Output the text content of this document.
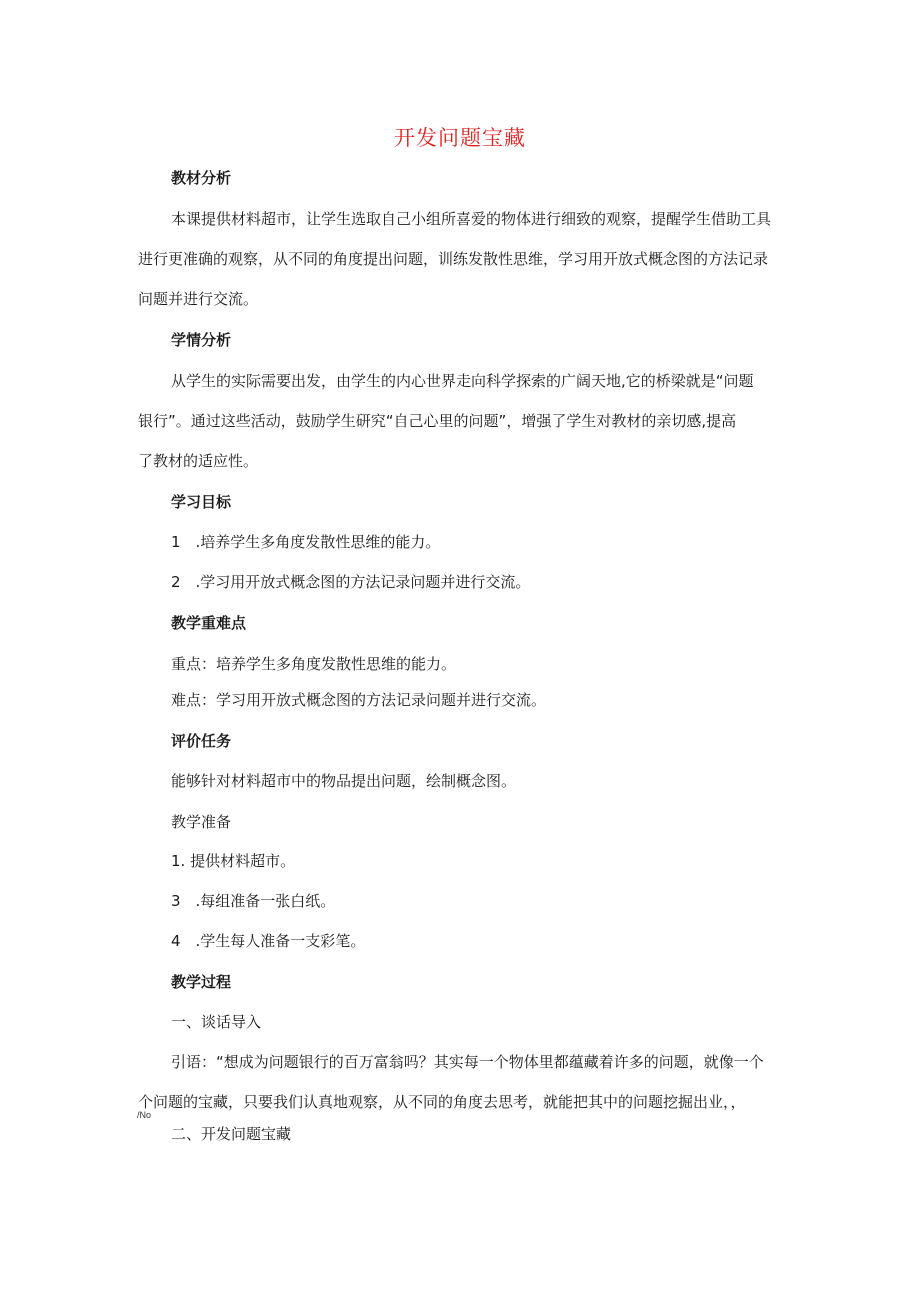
开发问题宝藏
教材分析
本课提供材料超市，让学生选取自己小组所喜爱的物体进行细致的观察，提醒学生借助工具
进行更准确的观察，从不同的角度提出问题，训练发散性思维，学习用开放式概念图的方法记录
问题并进行交流。
学情分析
从学生的实际需要出发，由学生的内心世界走向科学探索的广阔天地,它的桥梁就是“问题
银行”。通过这些活动，鼓励学生研究“自己心里的问题”，增强了学生对教材的亲切感,提高
了教材的适应性。
学习目标
1　.培养学生多角度发散性思维的能力。
2　.学习用开放式概念图的方法记录问题并进行交流。
教学重难点
重点：培养学生多角度发散性思维的能力。
难点：学习用开放式概念图的方法记录问题并进行交流。
评价任务
能够针对材料超市中的物品提出问题，绘制概念图。
教学准备
1. 提供材料超市。
3　.每组准备一张白纸。
4　.学生每人准备一支彩笔。
教学过程
一、谈话导入
引语：“想成为问题银行的百万富翁吗？其实每一个物体里都蕴藏着许多的问题，就像一个
个问题的宝藏，只要我们认真地观察，从不同的角度去思考，就能把其中的问题挖掘出业，，
/No
二、开发问题宝藏
